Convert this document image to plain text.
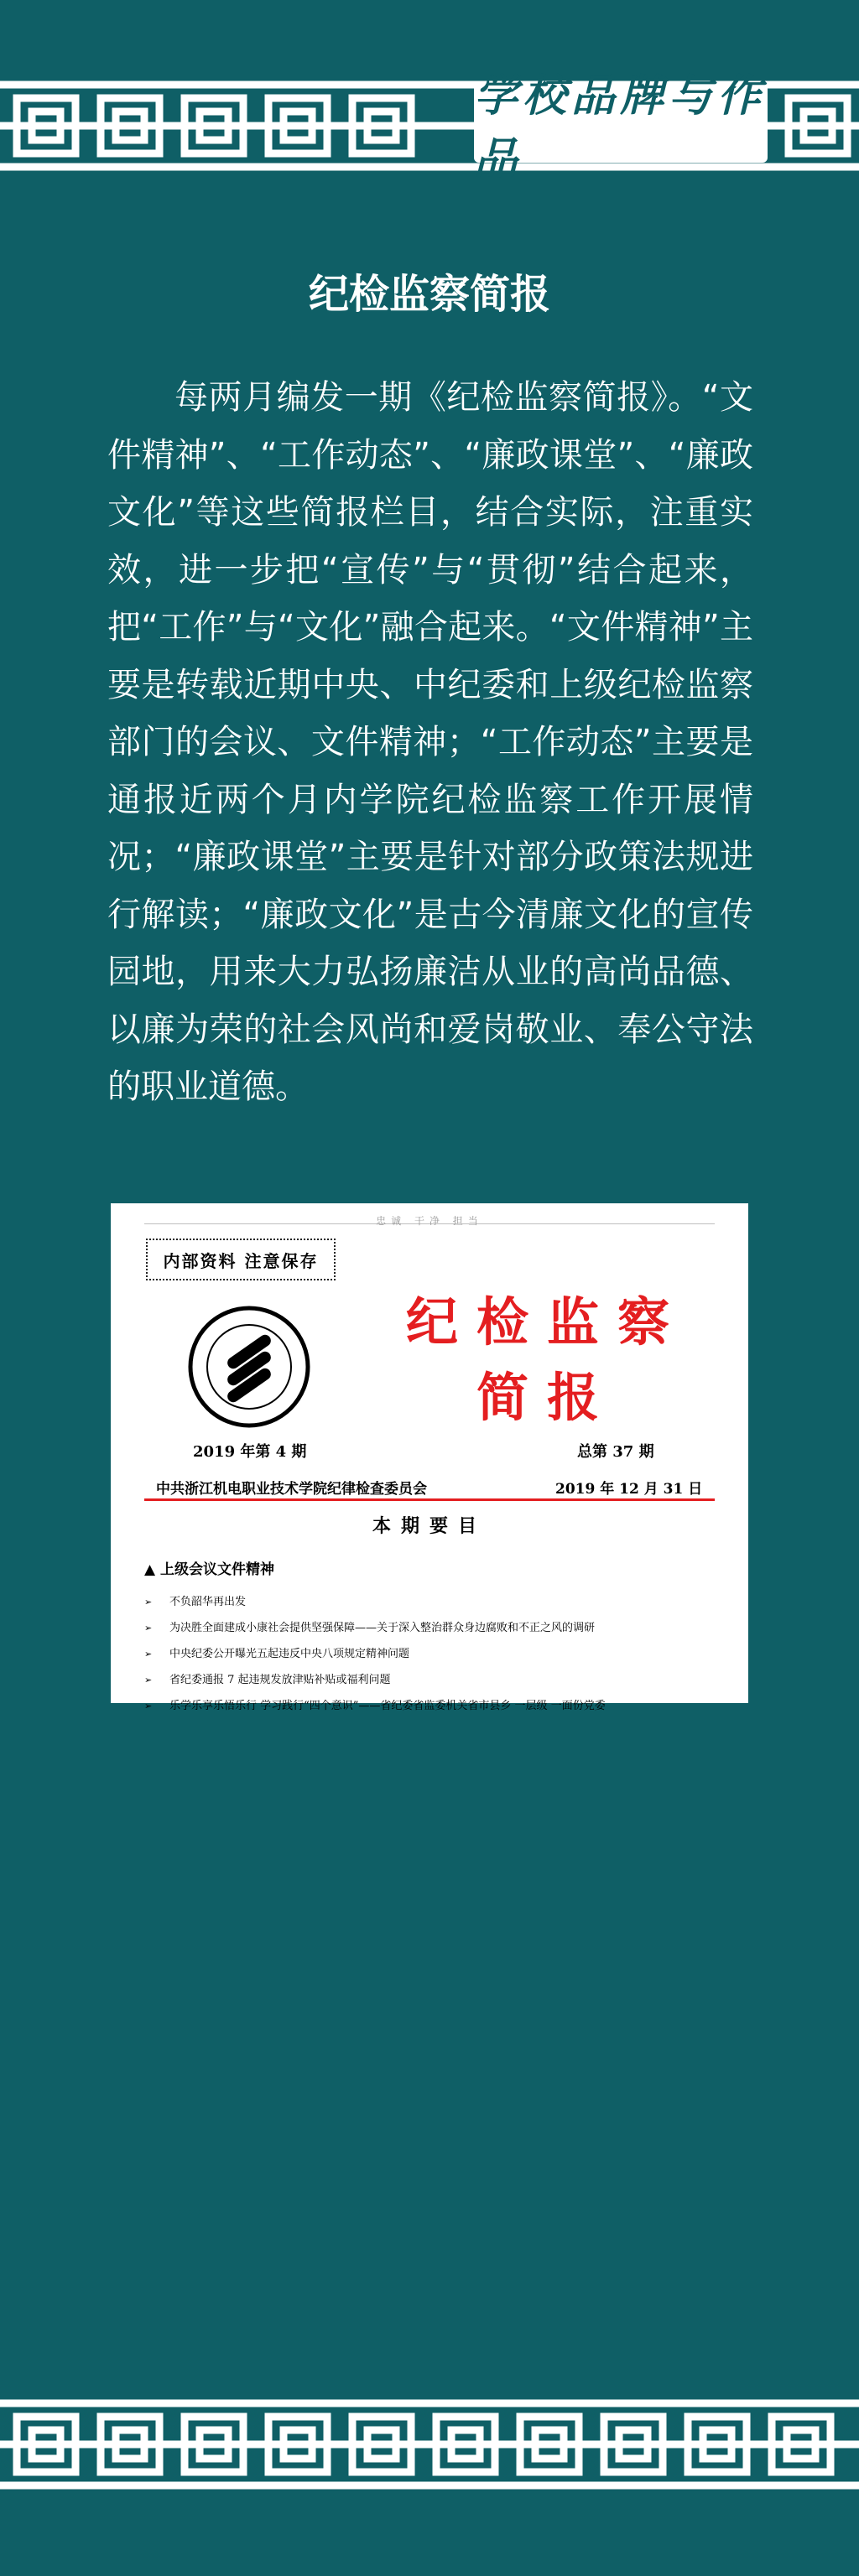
学校品牌与作品
纪检监察简报

每两月编发一期《纪检监察简报》。“文件精神”、“工作动态”、“廉政课堂”、“廉政文化”等这些简报栏目，结合实际，注重实效，进一步把“宣传”与“贯彻”结合起来，把“工作”与“文化”融合起来。“文件精神”主要是转载近期中央、中纪委和上级纪检监察部门的会议、文件精神；“工作动态”主要是通报近两个月内学院纪检监察工作开展情况；“廉政课堂”主要是针对部分政策法规进行解读；“廉政文化”是古今清廉文化的宣传园地，用来大力弘扬廉洁从业的高尚品德、以廉为荣的社会风尚和爱岗敬业、奉公守法的职业道德。

忠诚 干净 担当
内部资料 注意保存
纪检监察
简报
2019 年第 4 期	总第 37 期
中共浙江机电职业技术学院纪律检查委员会	2019 年 12 月 31 日
本期要目
▲ 上级会议文件精神
➢ 不负韶华再出发
➢ 为决胜全面建成小康社会提供坚强保障——关于深入整治群众身边腐败和不正之风的调研
➢ 中央纪委公开曝光五起违反中央八项规定精神问题
➢ 省纪委通报 7 起违规发放津贴补贴或福利问题
➢ 乐学乐享乐悟乐行 学习践行“四个意识”——省纪委省监委机关省市县乡 一层级 一面份党委
